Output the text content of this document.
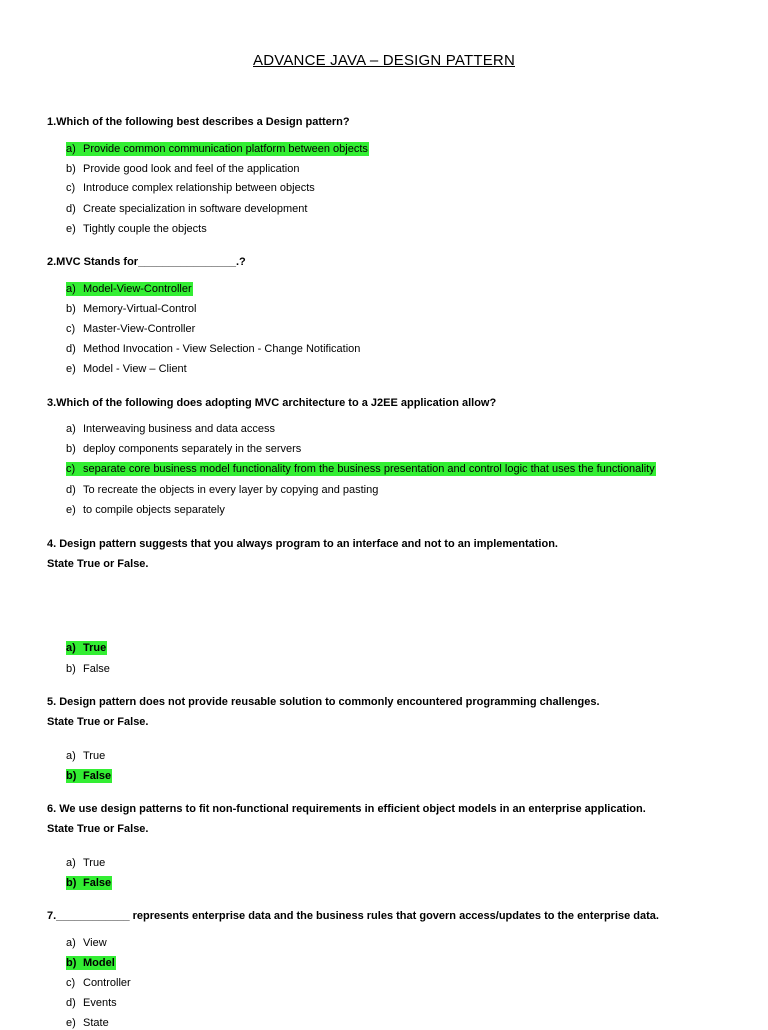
ADVANCE JAVA – DESIGN PATTERN
1.Which of the following best describes a Design pattern?
a) Provide common communication platform between objects
b) Provide good look and feel of the application
c) Introduce complex relationship between objects
d) Create specialization in software development
e) Tightly couple the objects
2.MVC Stands for________________.?
a) Model-View-Controller
b) Memory-Virtual-Control
c) Master-View-Controller
d) Method Invocation - View Selection - Change Notification
e) Model - View – Client
3.Which of the following does adopting MVC architecture to a J2EE application allow?
a) Interweaving business and data access
b) deploy components separately in the servers
c) separate core business model functionality from the business presentation and control logic that uses the functionality
d) To recreate the objects in every layer by copying and pasting
e) to compile objects separately
4. Design pattern suggests that you always program to an interface and not to an implementation.
State True or False.
a) True
b) False
5. Design pattern does not provide reusable solution to commonly encountered programming challenges.
State True or False.
a) True
b) False
6. We use design patterns to fit non-functional requirements in efficient object models in an enterprise application.
State True or False.
a) True
b) False
7.____________ represents enterprise data and the business rules that govern access/updates to the enterprise data.
a) View
b) Model
c) Controller
d) Events
e) State
